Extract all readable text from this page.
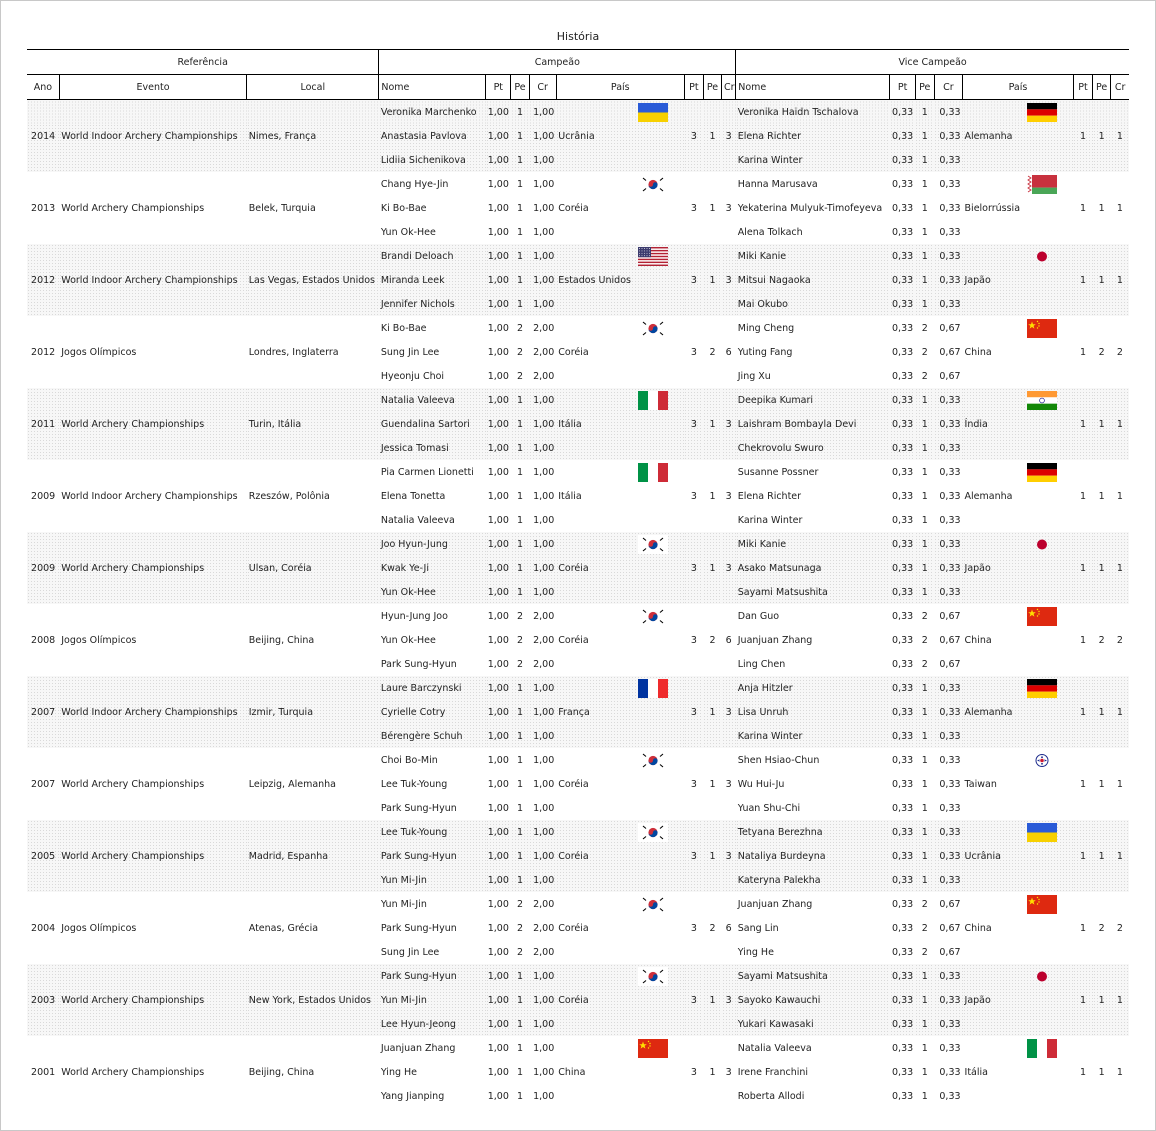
História
Referência			Campeão								Vice Campeão							
Ano	Evento	Local	Nome	Pt	Pe	Cr	País	Pt	Pe	Cr	Nome	Pt	Pe	Cr	País	Pt	Pe	Cr
			Veronika Marchenko	1,00	1	1,00					Veronika Haidn Tschalova	0,33	1	0,33				
2014	World Indoor Archery Championships	Nimes, França	Anastasia Pavlova	1,00	1	1,00	Ucrânia	3	1	3	Elena Richter	0,33	1	0,33	Alemanha	1	1	1
			Lidiia Sichenikova	1,00	1	1,00					Karina Winter	0,33	1	0,33				
			Chang Hye-Jin	1,00	1	1,00					Hanna Marusava	0,33	1	0,33				
2013	World Archery Championships	Belek, Turquia	Ki Bo-Bae	1,00	1	1,00	Coréia	3	1	3	Yekaterina Mulyuk-Timofeyeva	0,33	1	0,33	Bielorrússia	1	1	1
			Yun Ok-Hee	1,00	1	1,00					Alena Tolkach	0,33	1	0,33				
			Brandi Deloach	1,00	1	1,00					Miki Kanie	0,33	1	0,33				
2012	World Indoor Archery Championships	Las Vegas, Estados Unidos	Miranda Leek	1,00	1	1,00	Estados Unidos	3	1	3	Mitsui Nagaoka	0,33	1	0,33	Japão	1	1	1
			Jennifer Nichols	1,00	1	1,00					Mai Okubo	0,33	1	0,33				
			Ki Bo-Bae	1,00	2	2,00					Ming Cheng	0,33	2	0,67				
2012	Jogos Olímpicos	Londres, Inglaterra	Sung Jin Lee	1,00	2	2,00	Coréia	3	2	6	Yuting Fang	0,33	2	0,67	China	1	2	2
			Hyeonju Choi	1,00	2	2,00					Jing Xu	0,33	2	0,67				
			Natalia Valeeva	1,00	1	1,00					Deepika Kumari	0,33	1	0,33				
2011	World Archery Championships	Turin, Itália	Guendalina Sartori	1,00	1	1,00	Itália	3	1	3	Laishram Bombayla Devi	0,33	1	0,33	Índia	1	1	1
			Jessica Tomasi	1,00	1	1,00					Chekrovolu Swuro	0,33	1	0,33				
			Pia Carmen Lionetti	1,00	1	1,00					Susanne Possner	0,33	1	0,33				
2009	World Indoor Archery Championships	Rzeszów, Polônia	Elena Tonetta	1,00	1	1,00	Itália	3	1	3	Elena Richter	0,33	1	0,33	Alemanha	1	1	1
			Natalia Valeeva	1,00	1	1,00					Karina Winter	0,33	1	0,33				
			Joo Hyun-Jung	1,00	1	1,00					Miki Kanie	0,33	1	0,33				
2009	World Archery Championships	Ulsan, Coréia	Kwak Ye-Ji	1,00	1	1,00	Coréia	3	1	3	Asako Matsunaga	0,33	1	0,33	Japão	1	1	1
			Yun Ok-Hee	1,00	1	1,00					Sayami Matsushita	0,33	1	0,33				
			Hyun-Jung Joo	1,00	2	2,00					Dan Guo	0,33	2	0,67				
2008	Jogos Olímpicos	Beijing, China	Yun Ok-Hee	1,00	2	2,00	Coréia	3	2	6	Juanjuan Zhang	0,33	2	0,67	China	1	2	2
			Park Sung-Hyun	1,00	2	2,00					Ling Chen	0,33	2	0,67				
			Laure Barczynski	1,00	1	1,00					Anja Hitzler	0,33	1	0,33				
2007	World Indoor Archery Championships	Izmir, Turquia	Cyrielle Cotry	1,00	1	1,00	França	3	1	3	Lisa Unruh	0,33	1	0,33	Alemanha	1	1	1
			Bérengère Schuh	1,00	1	1,00					Karina Winter	0,33	1	0,33				
			Choi Bo-Min	1,00	1	1,00					Shen Hsiao-Chun	0,33	1	0,33				
2007	World Archery Championships	Leipzig, Alemanha	Lee Tuk-Young	1,00	1	1,00	Coréia	3	1	3	Wu Hui-Ju	0,33	1	0,33	Taiwan	1	1	1
			Park Sung-Hyun	1,00	1	1,00					Yuan Shu-Chi	0,33	1	0,33				
			Lee Tuk-Young	1,00	1	1,00					Tetyana Berezhna	0,33	1	0,33				
2005	World Archery Championships	Madrid, Espanha	Park Sung-Hyun	1,00	1	1,00	Coréia	3	1	3	Nataliya Burdeyna	0,33	1	0,33	Ucrânia	1	1	1
			Yun Mi-Jin	1,00	1	1,00					Kateryna Palekha	0,33	1	0,33				
			Yun Mi-Jin	1,00	2	2,00					Juanjuan Zhang	0,33	2	0,67				
2004	Jogos Olímpicos	Atenas, Grécia	Park Sung-Hyun	1,00	2	2,00	Coréia	3	2	6	Sang Lin	0,33	2	0,67	China	1	2	2
			Sung Jin Lee	1,00	2	2,00					Ying He	0,33	2	0,67				
			Park Sung-Hyun	1,00	1	1,00					Sayami Matsushita	0,33	1	0,33				
2003	World Archery Championships	New York, Estados Unidos	Yun Mi-Jin	1,00	1	1,00	Coréia	3	1	3	Sayoko Kawauchi	0,33	1	0,33	Japão	1	1	1
			Lee Hyun-Jeong	1,00	1	1,00					Yukari Kawasaki	0,33	1	0,33				
			Juanjuan Zhang	1,00	1	1,00					Natalia Valeeva	0,33	1	0,33				
2001	World Archery Championships	Beijing, China	Ying He	1,00	1	1,00	China	3	1	3	Irene Franchini	0,33	1	0,33	Itália	1	1	1
			Yang Jianping	1,00	1	1,00					Roberta Allodi	0,33	1	0,33				
